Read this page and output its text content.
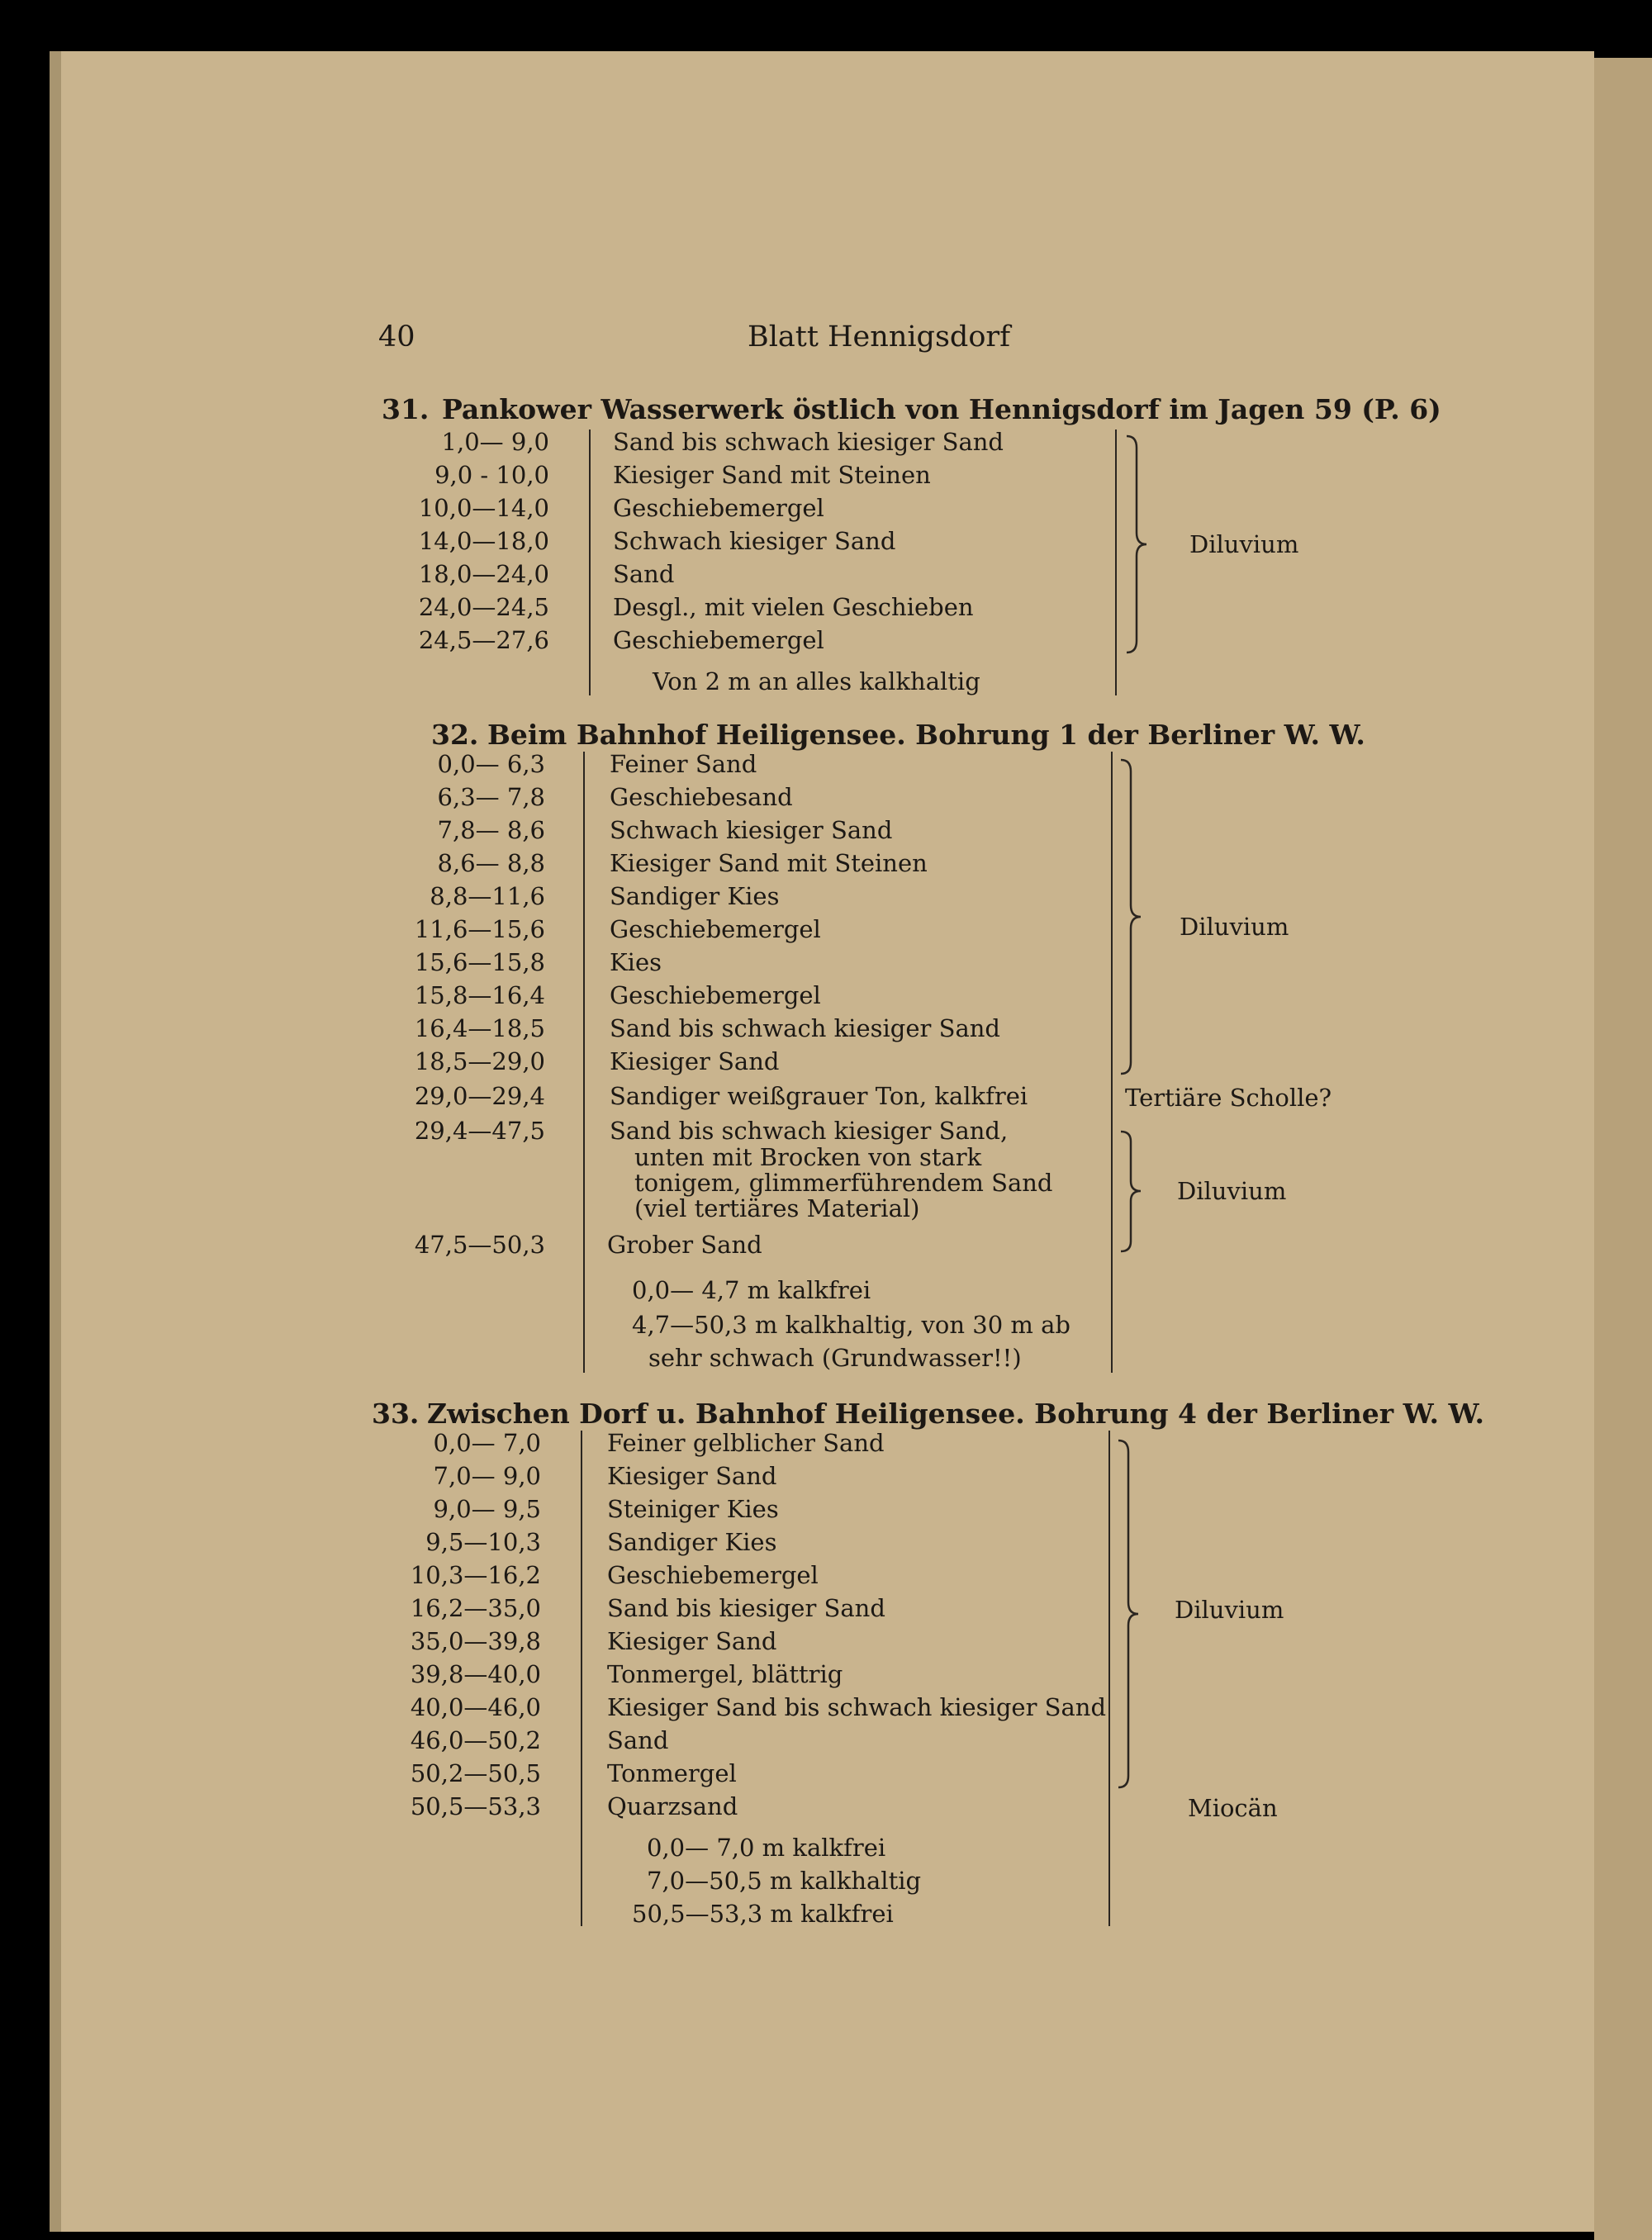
40	Blatt Hennigsdorf
31. Pankower Wasserwerk östlich von Hennigsdorf im Jagen 59 (P. 6)
1,0— 9,0	Sand bis schwach kiesiger Sand
9,0 - 10,0	Kiesiger Sand mit Steinen
10,0—14,0	Geschiebemergel
14,0—18,0	Schwach kiesiger Sand
18,0—24,0	Sand
24,0—24,5	Desgl., mit vielen Geschieben
24,5—27,6	Geschiebemergel
Von 2 m an alles kalkhaltig
Diluvium
32. Beim Bahnhof Heiligensee. Bohrung 1 der Berliner W. W.
0,0— 6,3	Feiner Sand
6,3— 7,8	Geschiebesand
7,8— 8,6	Schwach kiesiger Sand
8,6— 8,8	Kiesiger Sand mit Steinen
8,8—11,6	Sandiger Kies
11,6—15,6	Geschiebemergel
15,6—15,8	Kies
15,8—16,4	Geschiebemergel
16,4—18,5	Sand bis schwach kiesiger Sand
18,5—29,0	Kiesiger Sand
29,0—29,4	Sandiger weißgrauer Ton, kalkfrei
29,4—47,5	Sand bis schwach kiesiger Sand,
unten mit Brocken von stark
tonigem, glimmerführendem Sand
(viel tertiäres Material)
47,5—50,3	Grober Sand
0,0— 4,7 m kalkfrei
4,7—50,3 m kalkhaltig, von 30 m ab
sehr schwach (Grundwasser!!)
Diluvium
Tertiäre Scholle?
Diluvium
33. Zwischen Dorf u. Bahnhof Heiligensee. Bohrung 4 der Berliner W. W.
0,0— 7,0	Feiner gelblicher Sand
7,0— 9,0	Kiesiger Sand
9,0— 9,5	Steiniger Kies
9,5—10,3	Sandiger Kies
10,3—16,2	Geschiebemergel
16,2—35,0	Sand bis kiesiger Sand
35,0—39,8	Kiesiger Sand
39,8—40,0	Tonmergel, blättrig
40,0—46,0	Kiesiger Sand bis schwach kiesiger Sand
46,0—50,2	Sand
50,2—50,5	Tonmergel
50,5—53,3	Quarzsand
0,0— 7,0 m kalkfrei
7,0—50,5 m kalkhaltig
50,5—53,3 m kalkfrei
Diluvium
Miocän
